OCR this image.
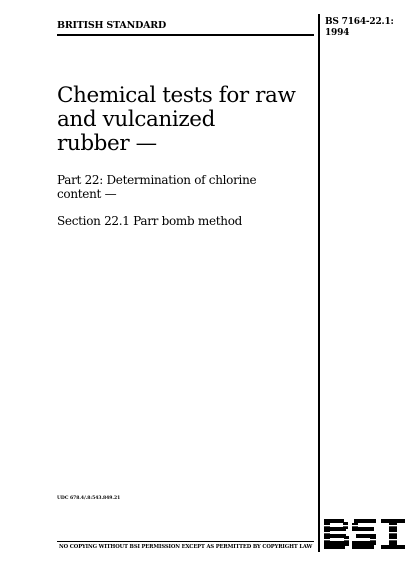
BRITISH STANDARD	BS 7164-22.1:
1994
Chemical tests for raw
and vulcanized
rubber —
Part 22: Determination of chlorine
content —
Section 22.1 Parr bomb method
UDC 678.4/.8:543.849.21
NO COPYING WITHOUT BSI PERMISSION EXCEPT AS PERMITTED BY COPYRIGHT LAW
